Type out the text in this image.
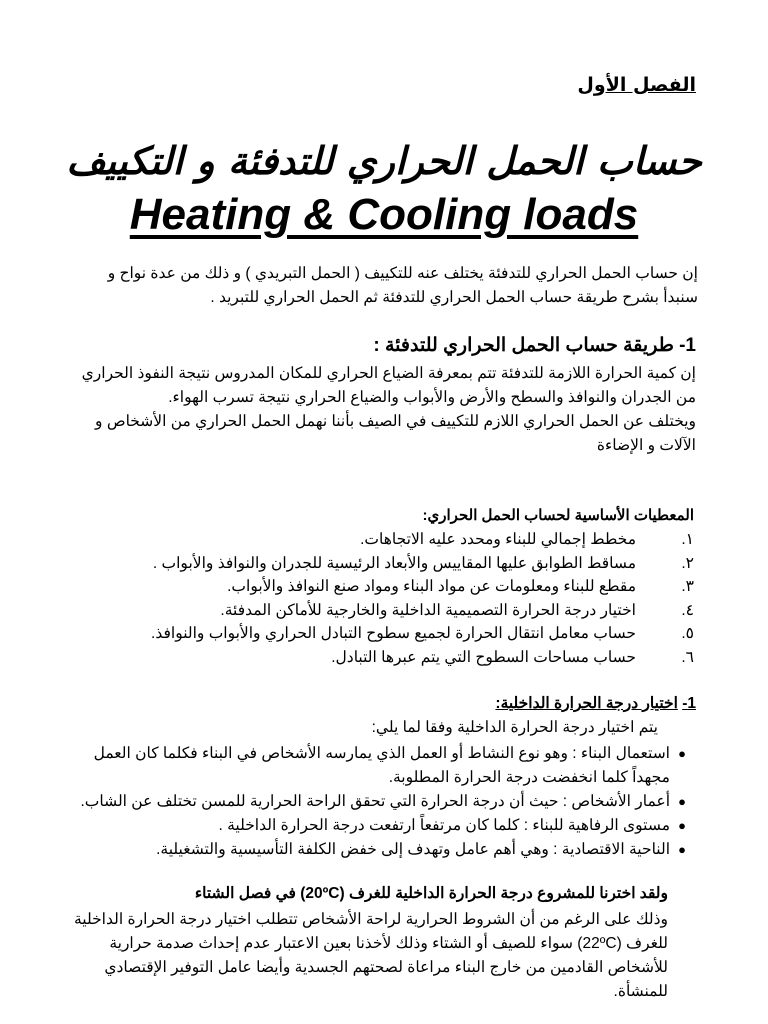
الفصل الأول
حساب الحمل الحراري للتدفئة و التكييف
Heating & Cooling loads
إن حساب الحمل الحراري للتدفئة يختلف عنه للتكييف ( الحمل التبريدي ) و ذلك من عدة نواح و سنبدأ بشرح طريقة حساب الحمل الحراري للتدفئة ثم الحمل الحراري للتبريد .
1- طريقة حساب الحمل الحراري للتدفئة :

إن كمية الحرارة اللازمة للتدفئة تتم بمعرفة الضياع الحراري للمكان المدروس نتيجة النفوذ الحراري من الجدران والنوافذ والسطح والأرض والأبواب والضياع الحراري نتيجة تسرب الهواء.

ويختلف عن الحمل الحراري اللازم للتكييف في الصيف بأننا نهمل الحمل الحراري من الأشخاص و الآلات و الإضاءة

المعطيات الأساسية لحساب الحمل الحراري:
١.
مخطط إجمالي للبناء ومحدد عليه الاتجاهات.
٢.
مساقط الطوابق عليها المقاييس والأبعاد الرئيسية للجدران والنوافذ والأبواب .
٣.
مقطع للبناء ومعلومات عن مواد البناء ومواد صنع النوافذ والأبواب.
٤.
اختيار درجة الحرارة التصميمية الداخلية والخارجية للأماكن المدفئة.
٥.
حساب معامل انتقال الحرارة لجميع سطوح التبادل الحراري والأبواب والنوافذ.
٦.
حساب مساحات السطوح التي يتم عبرها التبادل.
1- اختيار درجة الحرارة الداخلية:
يتم اختيار درجة الحرارة الداخلية وفقا لما يلي:
●
استعمال البناء : وهو نوع النشاط أو العمل الذي يمارسه الأشخاص في البناء فكلما كان العمل مجهداً كلما انخفضت درجة الحرارة المطلوبة.
●
أعمار الأشخاص : حيث أن درجة الحرارة التي تحقق الراحة الحرارية للمسن تختلف عن الشاب.
●
مستوى الرفاهية للبناء : كلما كان مرتفعاً ارتفعت درجة الحرارة الداخلية .
●
الناحية الاقتصادية : وهي أهم عامل وتهدف إلى خفض الكلفة التأسيسية والتشغيلية.
ولقد اخترنا للمشروع درجة الحرارة الداخلية للغرف (20ºC) في فصل الشتاء
وذلك على الرغم من أن الشروط الحرارية لراحة الأشخاص تتطلب اختيار درجة الحرارة الداخلية للغرف (22ºC) سواء للصيف أو الشتاء وذلك لأخذنا بعين الاعتبار عدم إحداث صدمة حرارية للأشخاص القادمين من خارج البناء مراعاة لصحتهم الجسدية وأيضا عامل التوفير الإقتصادي للمنشأة.
